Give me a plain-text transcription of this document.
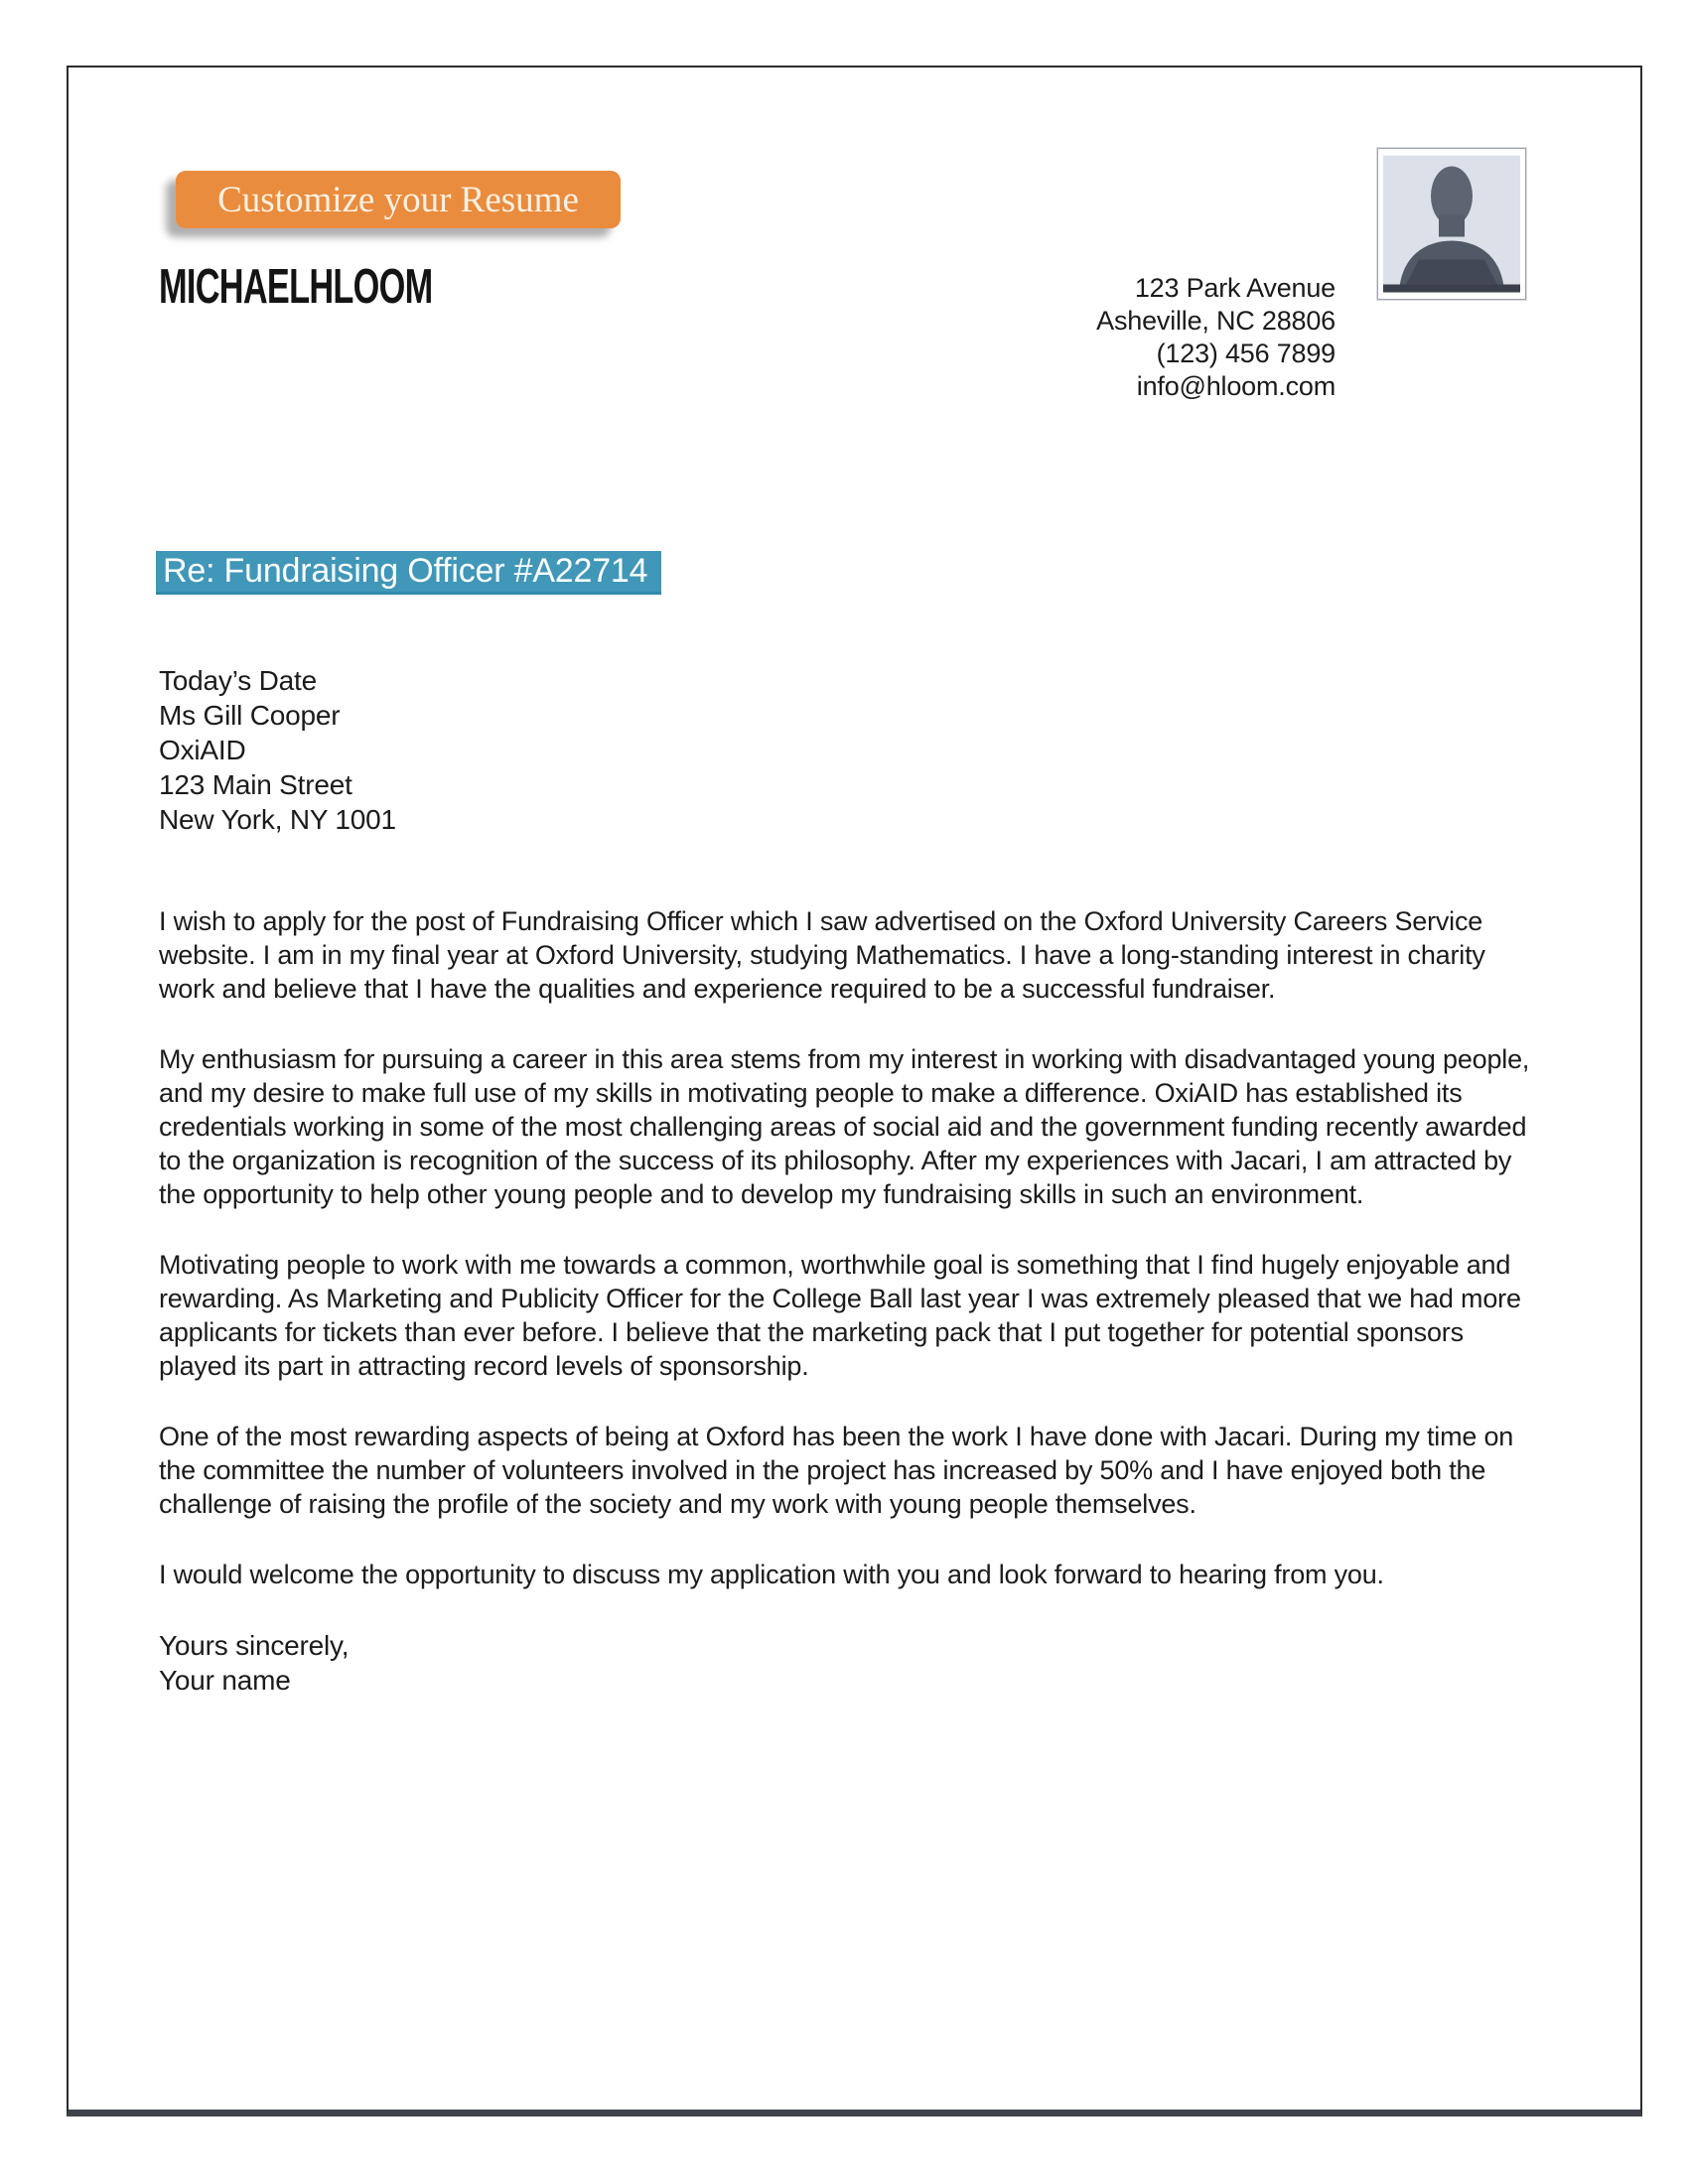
Customize your Resume
MICHAELHLOOM	123 Park Avenue
Asheville, NC 28806
(123) 456 7899
info@hloom.com
Re: Fundraising Officer #A22714
Today’s Date
Ms Gill Cooper
OxiAID
123 Main Street
New York, NY 1001

I wish to apply for the post of Fundraising Officer which I saw advertised on the Oxford University Careers Service website. I am in my final year at Oxford University, studying Mathematics. I have a long-standing interest in charity work and believe that I have the qualities and experience required to be a successful fundraiser.

My enthusiasm for pursuing a career in this area stems from my interest in working with disadvantaged young people, and my desire to make full use of my skills in motivating people to make a difference. OxiAID has established its credentials working in some of the most challenging areas of social aid and the government funding recently awarded to the organization is recognition of the success of its philosophy. After my experiences with Jacari, I am attracted by the opportunity to help other young people and to develop my fundraising skills in such an environment.

Motivating people to work with me towards a common, worthwhile goal is something that I find hugely enjoyable and rewarding. As Marketing and Publicity Officer for the College Ball last year I was extremely pleased that we had more applicants for tickets than ever before. I believe that the marketing pack that I put together for potential sponsors played its part in attracting record levels of sponsorship.

One of the most rewarding aspects of being at Oxford has been the work I have done with Jacari. During my time on the committee the number of volunteers involved in the project has increased by 50% and I have enjoyed both the challenge of raising the profile of the society and my work with young people themselves.

I would welcome the opportunity to discuss my application with you and look forward to hearing from you.

Yours sincerely,
Your name
